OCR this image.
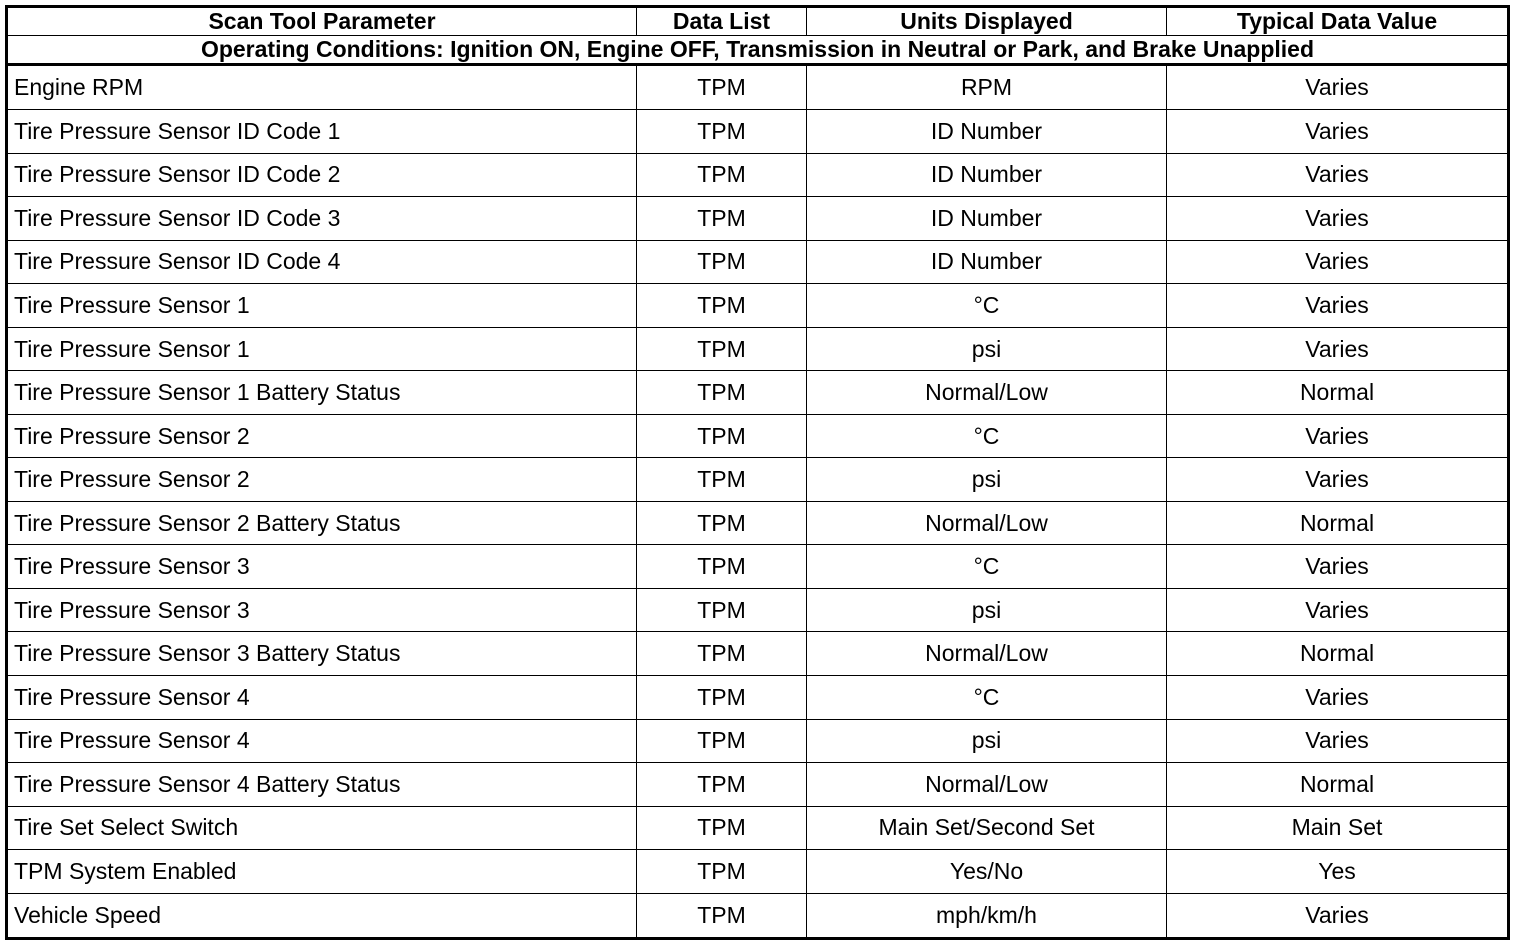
Scan Tool Parameter	Data List	Units Displayed	Typical Data Value
Operating Conditions: Ignition ON, Engine OFF, Transmission in Neutral or Park, and Brake Unapplied			
Engine RPM	TPM	RPM	Varies
Tire Pressure Sensor ID Code 1	TPM	ID Number	Varies
Tire Pressure Sensor ID Code 2	TPM	ID Number	Varies
Tire Pressure Sensor ID Code 3	TPM	ID Number	Varies
Tire Pressure Sensor ID Code 4	TPM	ID Number	Varies
Tire Pressure Sensor 1	TPM	°C	Varies
Tire Pressure Sensor 1	TPM	psi	Varies
Tire Pressure Sensor 1 Battery Status	TPM	Normal/Low	Normal
Tire Pressure Sensor 2	TPM	°C	Varies
Tire Pressure Sensor 2	TPM	psi	Varies
Tire Pressure Sensor 2 Battery Status	TPM	Normal/Low	Normal
Tire Pressure Sensor 3	TPM	°C	Varies
Tire Pressure Sensor 3	TPM	psi	Varies
Tire Pressure Sensor 3 Battery Status	TPM	Normal/Low	Normal
Tire Pressure Sensor 4	TPM	°C	Varies
Tire Pressure Sensor 4	TPM	psi	Varies
Tire Pressure Sensor 4 Battery Status	TPM	Normal/Low	Normal
Tire Set Select Switch	TPM	Main Set/Second Set	Main Set
TPM System Enabled	TPM	Yes/No	Yes
Vehicle Speed	TPM	mph/km/h	Varies
